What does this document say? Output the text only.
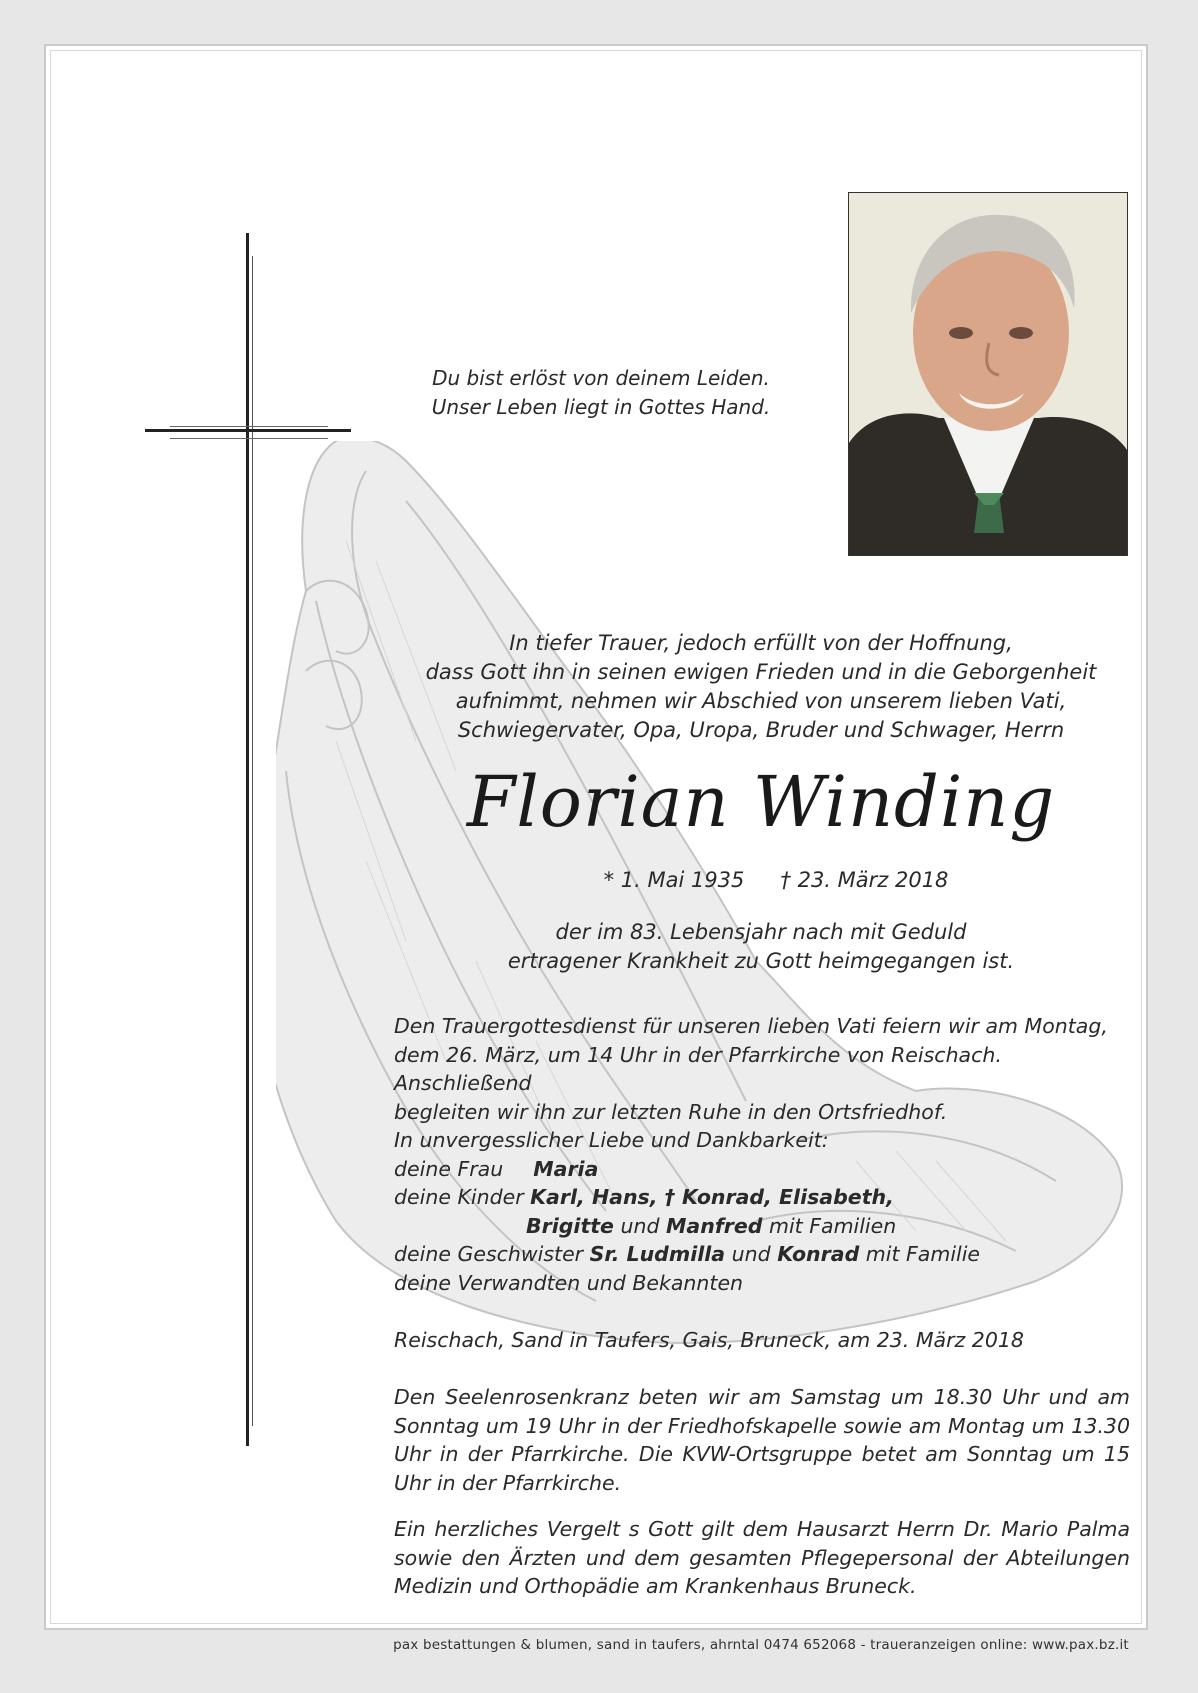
Du bist erlöst von deinem Leiden.
Unser Leben liegt in Gottes Hand.
In tiefer Trauer, jedoch erfüllt von der Hoffnung,
dass Gott ihn in seinen ewigen Frieden und in die Geborgenheit
aufnimmt, nehmen wir Abschied von unserem lieben Vati,
Schwiegervater, Opa, Uropa, Bruder und Schwager, Herrn
Florian Winding
* 1. Mai 1935 † 23. März 2018
der im 83. Lebensjahr nach mit Geduld
ertragener Krankheit zu Gott heimgegangen ist.

Den Trauergottesdienst für unseren lieben Vati feiern wir am Montag,

dem 26. März, um 14 Uhr in der Pfarrkirche von Reischach. Anschließend

begleiten wir ihn zur letzten Ruhe in den Ortsfriedhof.

In unvergesslicher Liebe und Dankbarkeit:

deine Frau Maria

deine Kinder Karl, Hans, † Konrad, Elisabeth,

Brigitte und Manfred mit Familien

deine Geschwister Sr. Ludmilla und Konrad mit Familie

deine Verwandten und Bekannten

Reischach, Sand in Taufers, Gais, Bruneck, am 23. März 2018
Den Seelenrosenkranz beten wir am Samstag um 18.30 Uhr und am Sonntag um 19 Uhr in der Friedhofskapelle sowie am Montag um 13.30 Uhr in der Pfarrkirche. Die KVW-Ortsgruppe betet am Sonntag um 15 Uhr in der Pfarrkirche.
Ein herzliches Vergelt s Gott gilt dem Hausarzt Herrn Dr. Mario Palma sowie den Ärzten und dem gesamten Pflegepersonal der Abteilungen Medizin und Orthopädie am Krankenhaus Bruneck.
pax bestattungen & blumen, sand in taufers, ahrntal 0474 652068 - traueranzeigen online: www.pax.bz.it
